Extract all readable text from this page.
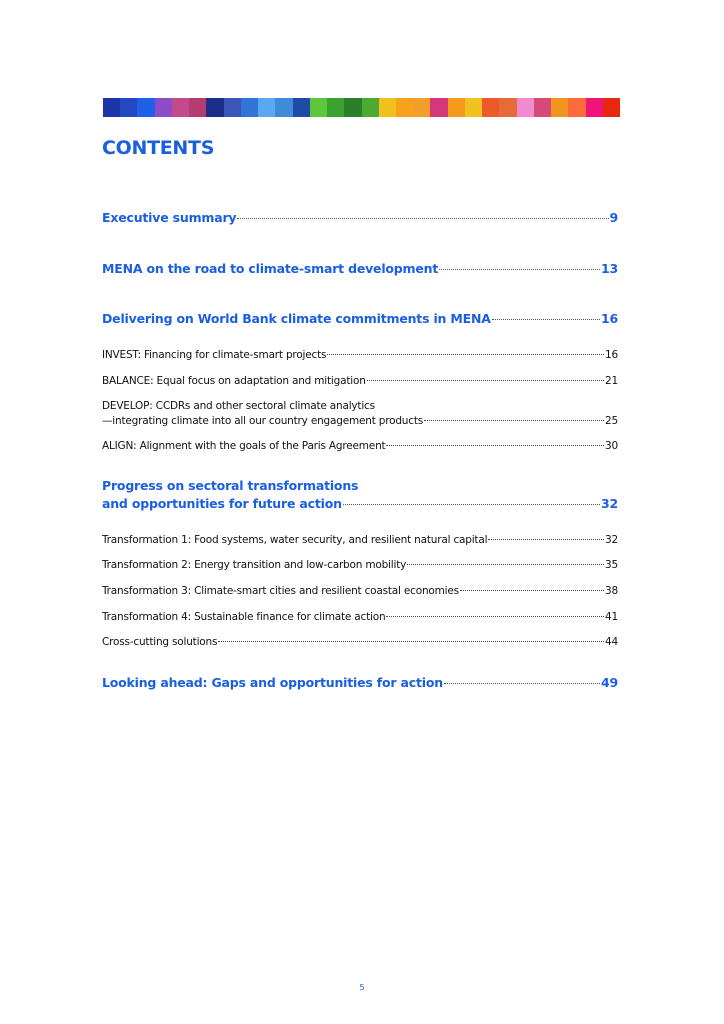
CONTENTS
Executive summary	9
MENA on the road to climate-smart development	13
Delivering on World Bank climate commitments in MENA	16
INVEST: Financing for climate-smart projects	16
BALANCE: Equal focus on adaptation and mitigation	21
DEVELOP: CCDRs and other sectoral climate analytics
—integrating climate into all our country engagement products	25
ALIGN: Alignment with the goals of the Paris Agreement	30
Progress on sectoral transformations
and opportunities for future action	32
Transformation 1: Food systems, water security, and resilient natural capital	32
Transformation 2: Energy transition and low-carbon mobility	35
Transformation 3: Climate-smart cities and resilient coastal economies	38
Transformation 4: Sustainable finance for climate action	41
Cross-cutting solutions	44
Looking ahead: Gaps and opportunities for action	49
5
